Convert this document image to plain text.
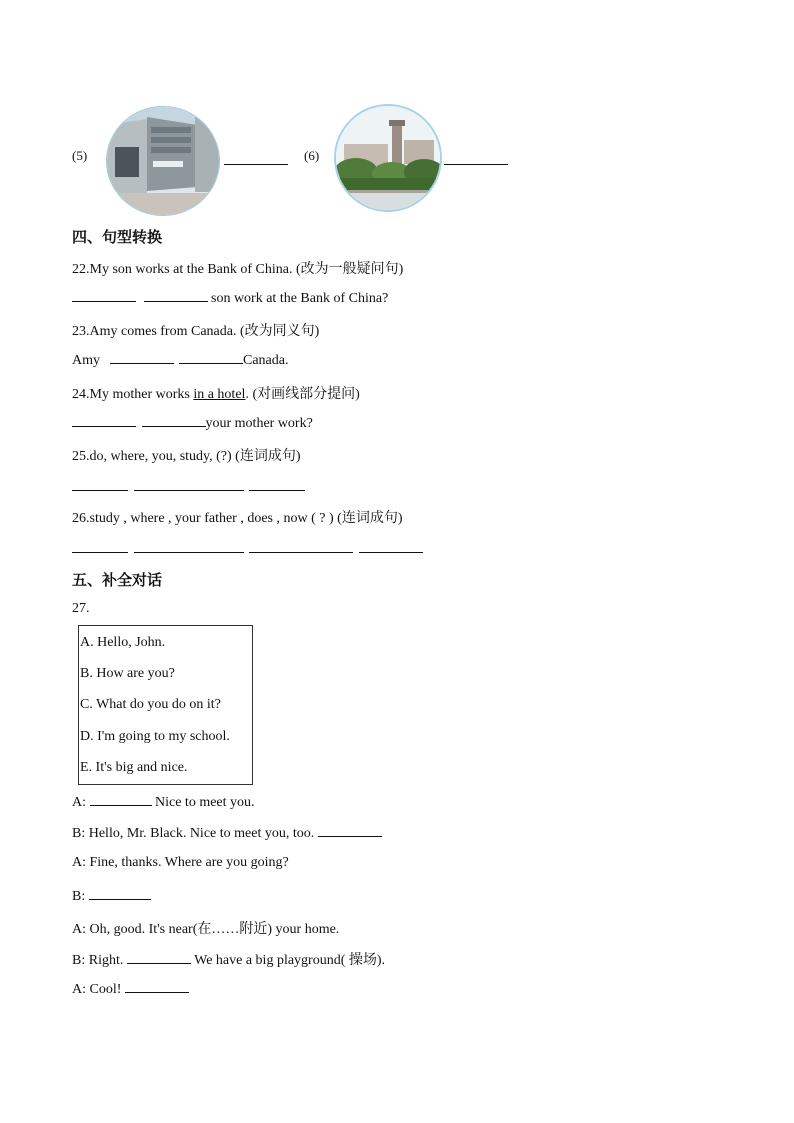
(5)	(6)
四、句型转换
22.My son works at the Bank of China. (改为一般疑问句)
son work at the Bank of China?
23.Amy comes from Canada. (改为同义句)
Amy	Canada.
24.My mother works in a hotel. (对画线部分提问)
your mother work?
25.do, where, you, study, (?) (连词成句)

26.study , where , your father , does , now ( ? ) (连词成句)

五、补全对话
27.
A. Hello, John.
B. How are you?
C. What do you do on it?
D. I'm going to my school.
E. It's big and nice.
A:	Nice to meet you.
B: Hello, Mr. Black. Nice to meet you, too.
A: Fine, thanks. Where are you going?
B:
A: Oh, good. It's near(在……附近) your home.
B: Right.	We have a big playground( 操场).
A: Cool!
